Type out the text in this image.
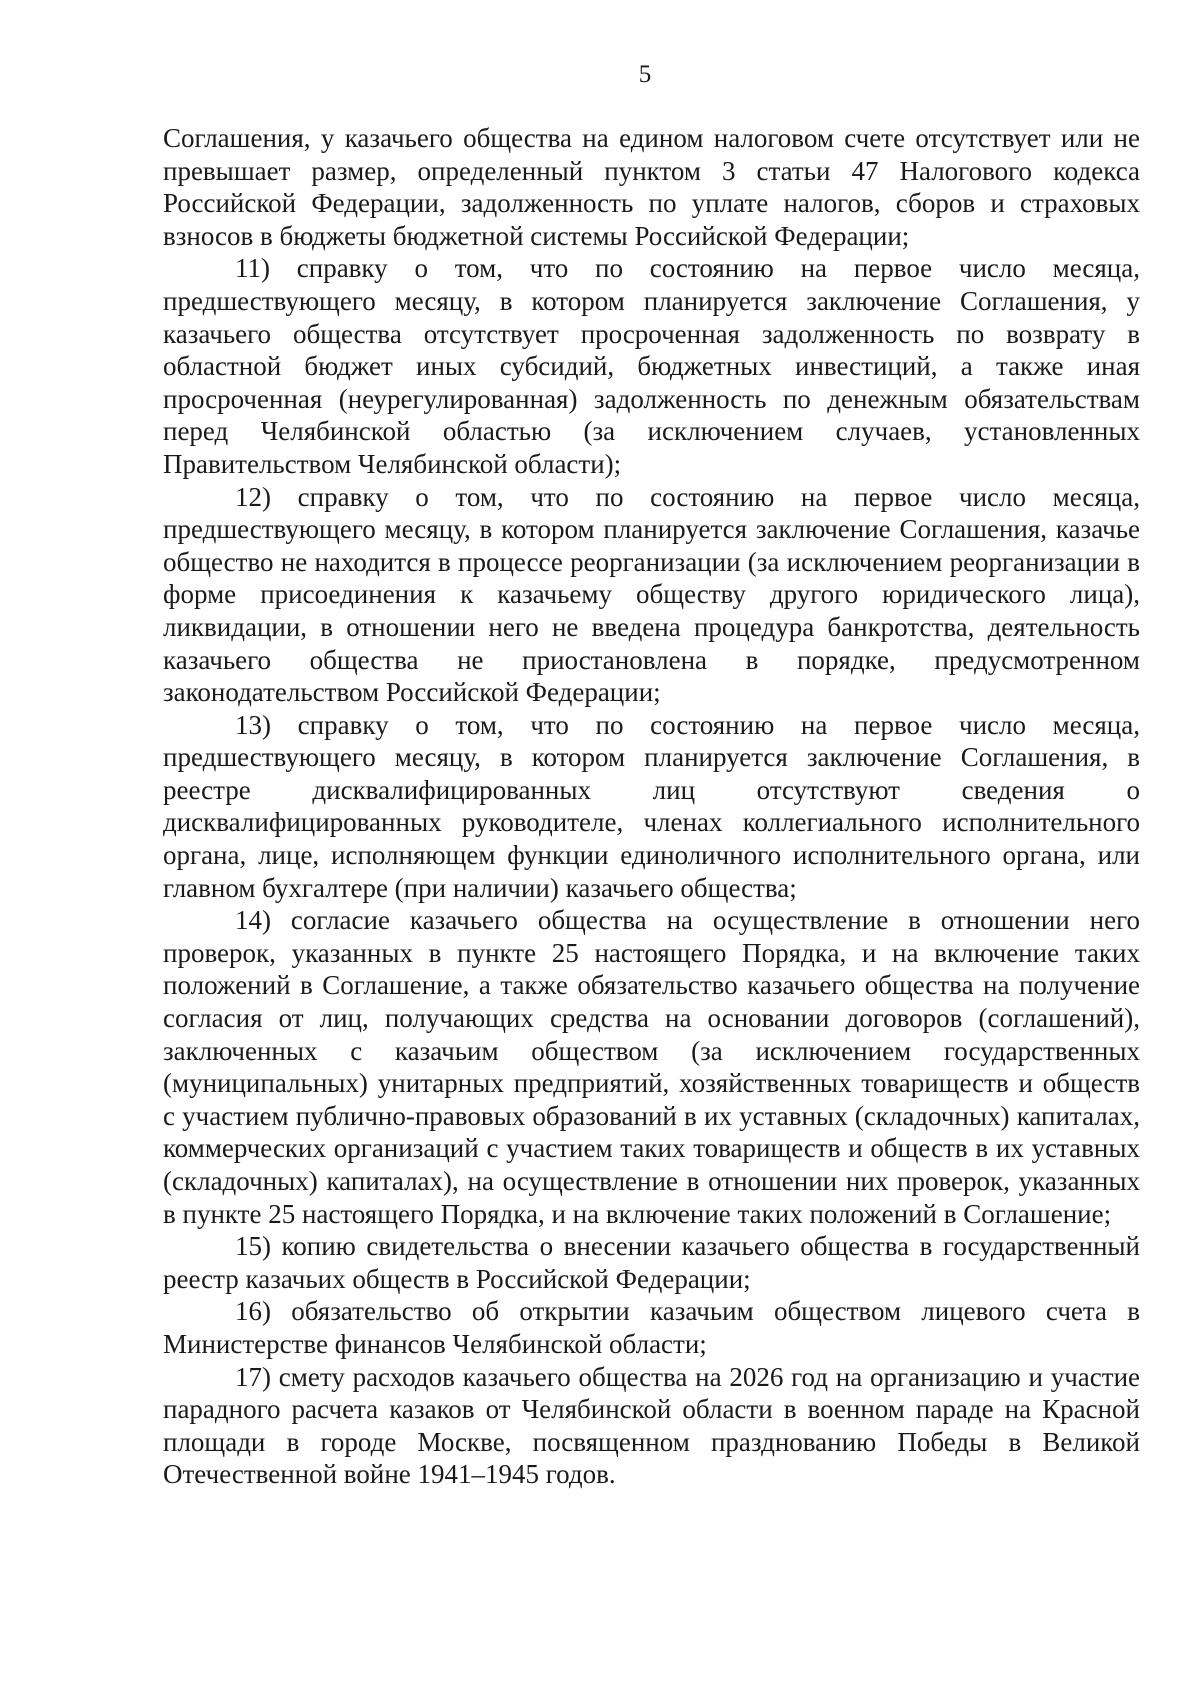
5

Соглашения, у казачьего общества на едином налоговом счете отсутствует или не превышает размер, определенный пунктом 3 статьи 47 Налогового кодекса Российской Федерации, задолженность по уплате налогов, сборов и страховых взносов в бюджеты бюджетной системы Российской Федерации;

11) справку о том, что по состоянию на первое число месяца, предшествующего месяцу, в котором планируется заключение Соглашения, у казачьего общества отсутствует просроченная задолженность по возврату в областной бюджет иных субсидий, бюджетных инвестиций, а также иная просроченная (неурегулированная) задолженность по денежным обязательствам перед Челябинской областью (за исключением случаев, установленных Правительством Челябинской области);

12) справку о том, что по состоянию на первое число месяца, предшествующего месяцу, в котором планируется заключение Соглашения, казачье общество не находится в процессе реорганизации (за исключением реорганизации в форме присоединения к казачьему обществу другого юридического лица), ликвидации, в отношении него не введена процедура банкротства, деятельность казачьего общества не приостановлена в порядке, предусмотренном законодательством Российской Федерации;

13) справку о том, что по состоянию на первое число месяца, предшествующего месяцу, в котором планируется заключение Соглашения, в реестре дисквалифицированных лиц отсутствуют сведения о дисквалифицированных руководителе, членах коллегиального исполнительного органа, лице, исполняющем функции единоличного исполнительного органа, или главном бухгалтере (при наличии) казачьего общества;

14) согласие казачьего общества на осуществление в отношении него проверок, указанных в пункте 25 настоящего Порядка, и на включение таких положений в Соглашение, а также обязательство казачьего общества на получение согласия от лиц, получающих средства на основании договоров (соглашений), заключенных с казачьим обществом (за исключением государственных (муниципальных) унитарных предприятий, хозяйственных товариществ и обществ с участием публично-правовых образований в их уставных (складочных) капиталах, коммерческих организаций с участием таких товариществ и обществ в их уставных (складочных) капиталах), на осуществление в отношении них проверок, указанных в пункте 25 настоящего Порядка, и на включение таких положений в Соглашение;

15) копию свидетельства о внесении казачьего общества в государственный реестр казачьих обществ в Российской Федерации;

16) обязательство об открытии казачьим обществом лицевого счета в Министерстве финансов Челябинской области;

17) смету расходов казачьего общества на 2026 год на организацию и участие парадного расчета казаков от Челябинской области в военном параде на Красной площади в городе Москве, посвященном празднованию Победы в Великой Отечественной войне 1941–1945 годов.
